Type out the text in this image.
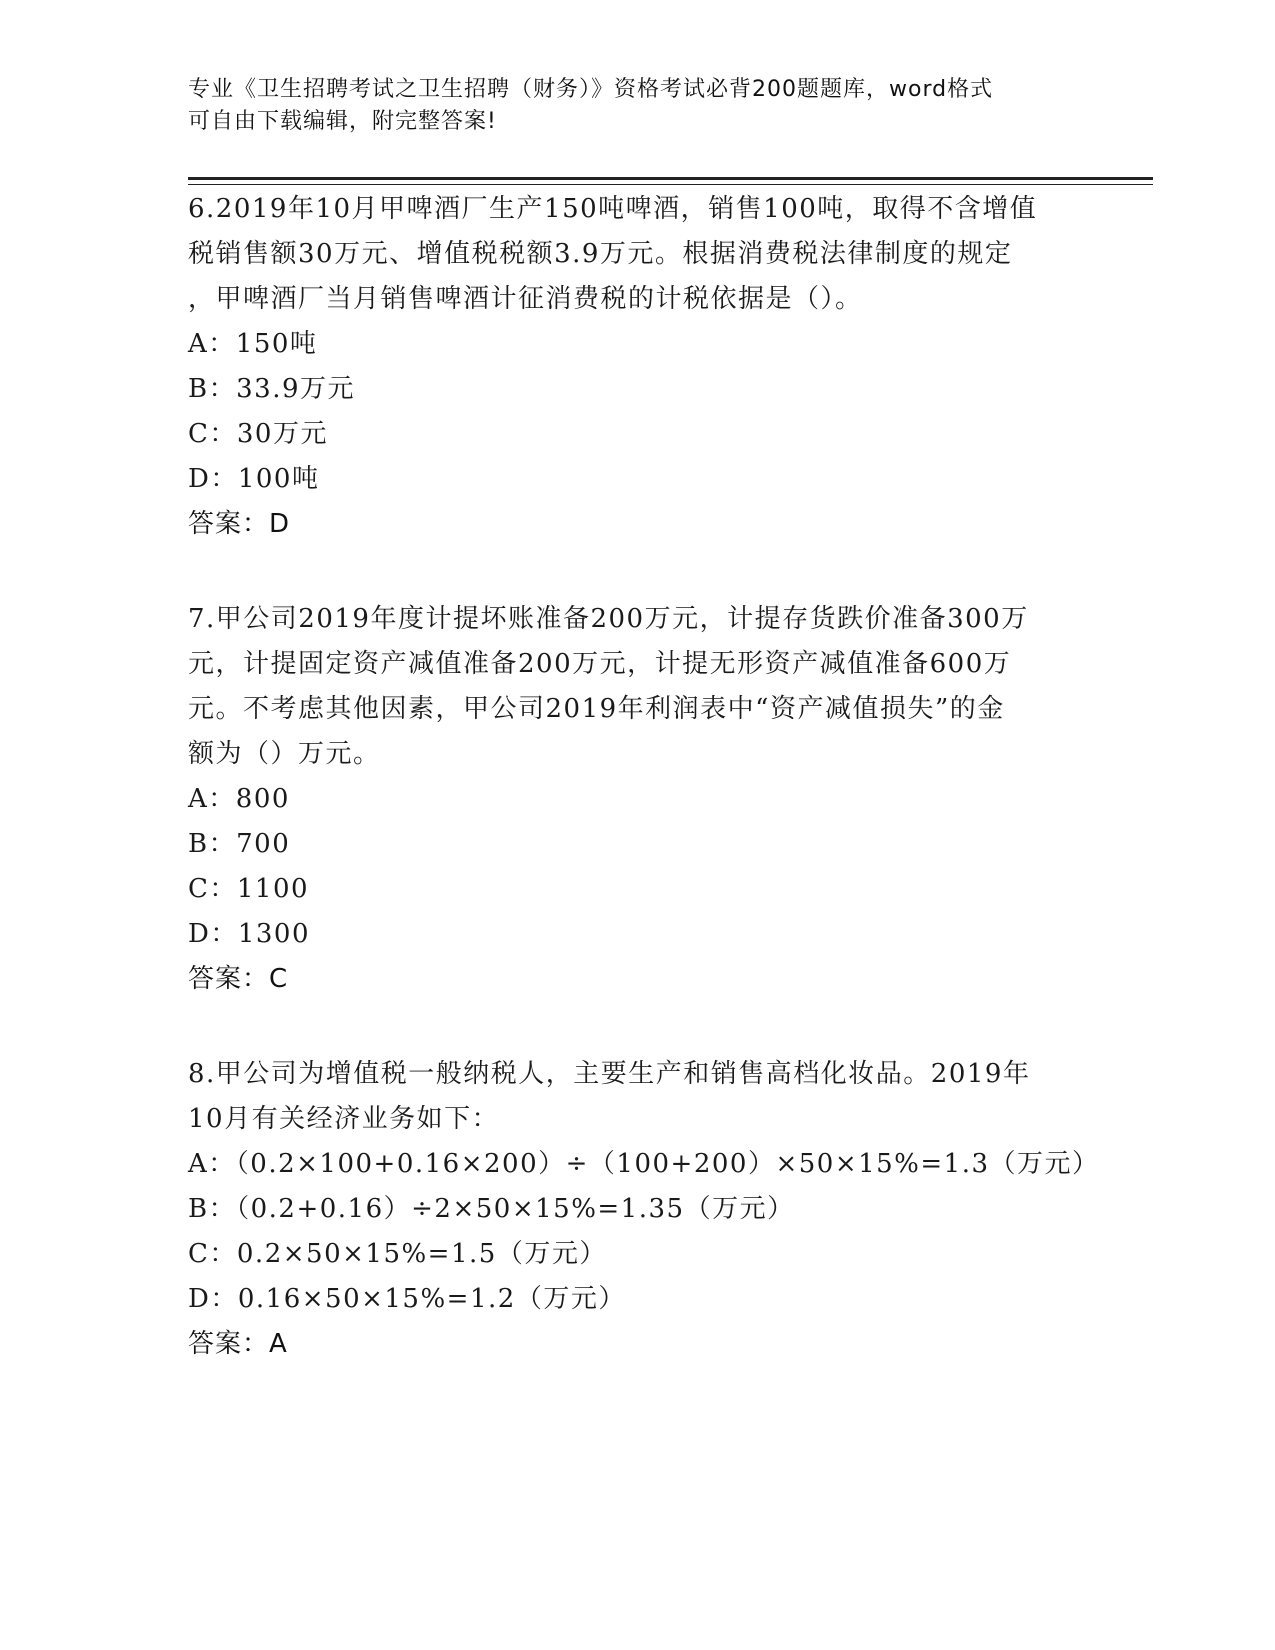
专业《卫生招聘考试之卫生招聘（财务）》资格考试必背200题题库，word格式
可自由下载编辑，附完整答案!

6.2019年10月甲啤酒厂生产150吨啤酒，销售100吨，取得不含增值

税销售额30万元、增值税税额3.9万元。根据消费税法律制度的规定

，甲啤酒厂当月销售啤酒计征消费税的计税依据是（）。

A：150吨

B：33.9万元

C：30万元

D：100吨

答案：D

7.甲公司2019年度计提坏账准备200万元，计提存货跌价准备300万

元，计提固定资产减值准备200万元，计提无形资产减值准备600万

元。不考虑其他因素，甲公司2019年利润表中“资产减值损失”的金

额为（）万元。

A：800

B：700

C：1100

D：1300

答案：C

8.甲公司为增值税一般纳税人，主要生产和销售高档化妆品。2019年

10月有关经济业务如下：

A：（0.2×100+0.16×200）÷（100+200）×50×15%=1.3（万元）

B：（0.2+0.16）÷2×50×15%=1.35（万元）

C：0.2×50×15%=1.5（万元）

D：0.16×50×15%=1.2（万元）

答案：A
